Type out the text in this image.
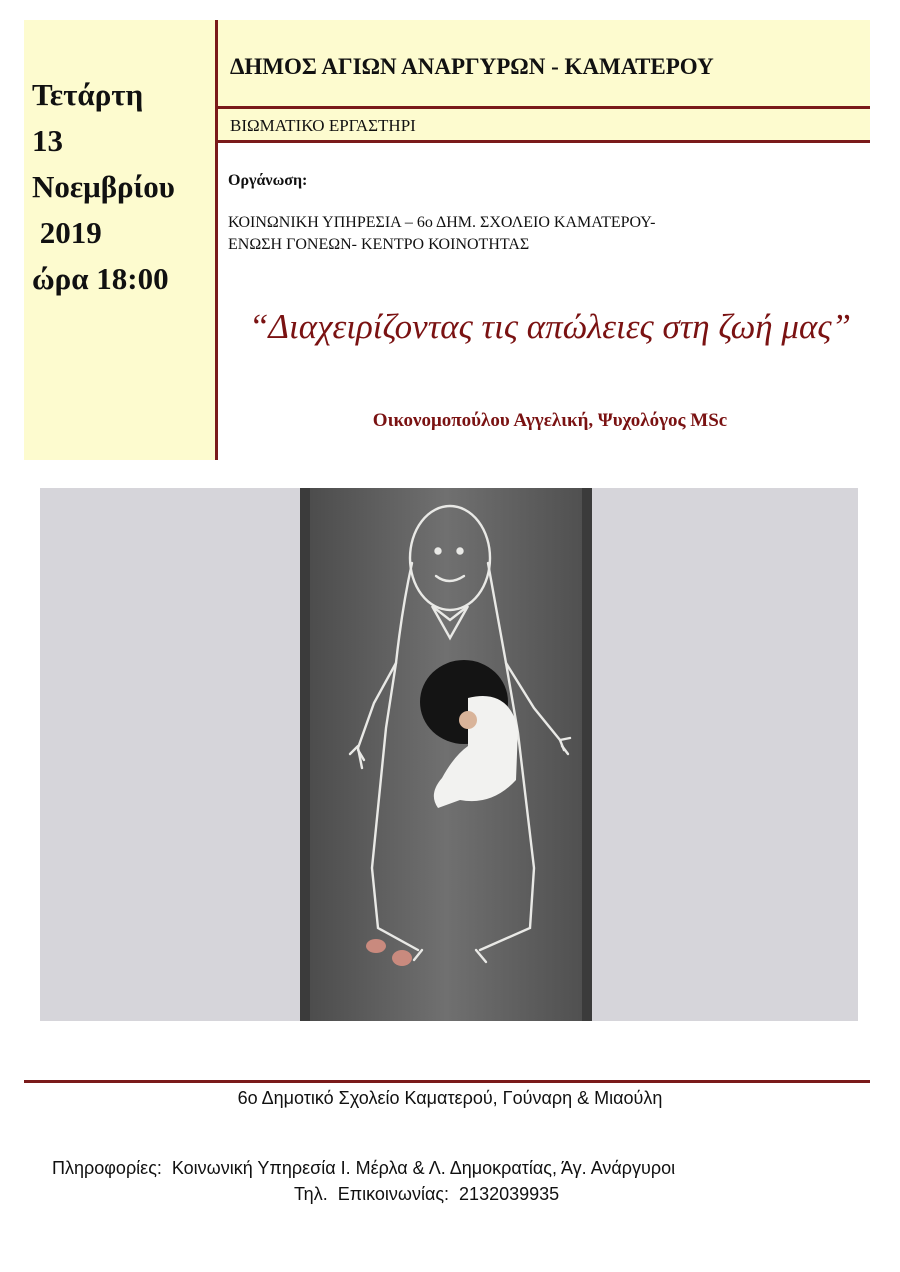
Τετάρτη
13
Νοεμβρίου
2019
ώρα 18:00
ΔΗΜΟΣ ΑΓΙΩΝ ΑΝΑΡΓΥΡΩΝ - ΚΑΜΑΤΕΡΟΥ
ΒΙΩΜΑΤΙΚΟ ΕΡΓΑΣΤΗΡΙ
Οργάνωση:
ΚΟΙΝΩΝΙΚΗ ΥΠΗΡΕΣΙΑ – 6ο ΔΗΜ. ΣΧΟΛΕΙΟ ΚΑΜΑΤΕΡΟΥ-
ΕΝΩΣΗ ΓΟΝΕΩΝ- ΚΕΝΤΡΟ ΚΟΙΝΟΤΗΤΑΣ
“Διαχειρίζοντας τις απώλειες στη ζωή μας”
Οικονομοπούλου Αγγελική, Ψυχολόγος MSc
6ο Δημοτικό Σχολείο Καματερού, Γούναρη & Μιαούλη
Πληροφορίες:  Κοινωνική Υπηρεσία Ι. Μέρλα & Λ. Δημοκρατίας, Άγ. Ανάργυροι
Τηλ.  Επικοινωνίας:  2132039935
